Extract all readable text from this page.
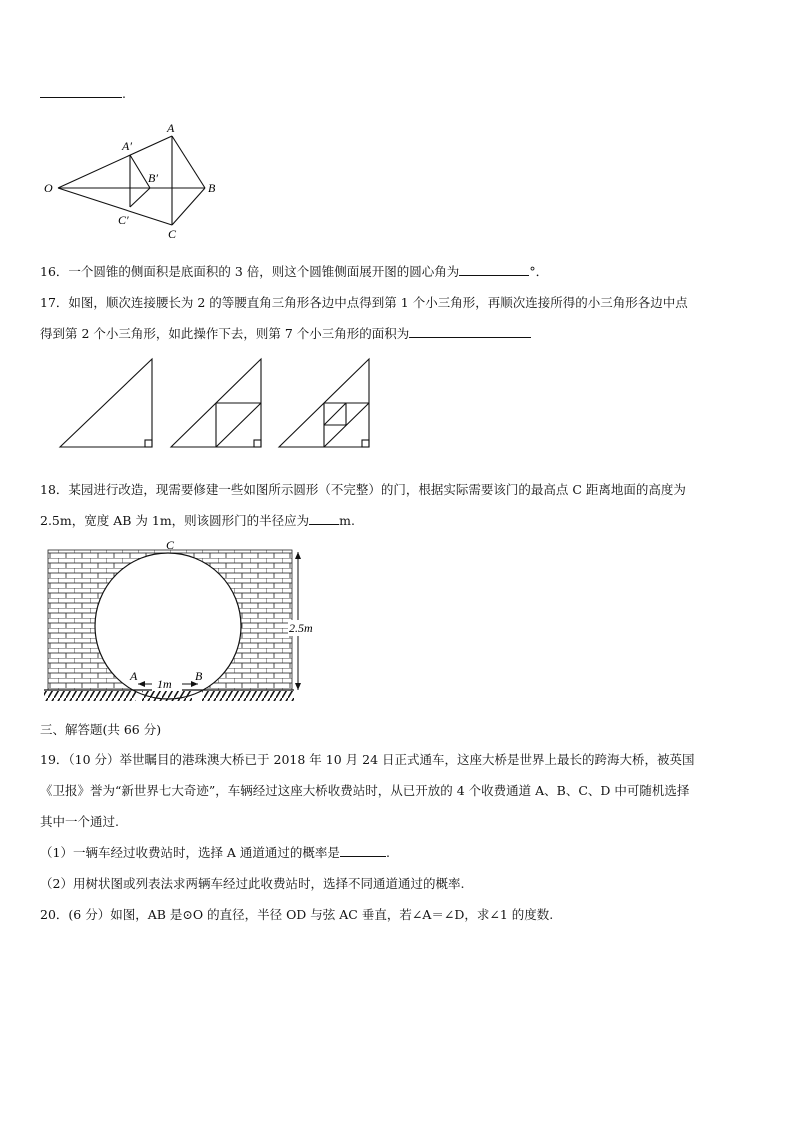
.
A
A′
B′
B
O
C′
C
16．一个圆锥的侧面积是底面积的 3 倍，则这个圆锥侧面展开图的圆心角为	°．
17．如图，顺次连接腰长为 2 的等腰直角三角形各边中点得到第 1 个小三角形，再顺次连接所得的小三角形各边中点
得到第 2 个小三角形，如此操作下去，则第 7 个小三角形的面积为
18．某园进行改造，现需要修建一些如图所示圆形（不完整）的门，根据实际需要该门的最高点 C 距离地面的高度为
2.5m，宽度 AB 为 1m，则该圆形门的半径应为 m.
C
A	B
1m
2.5m
三、解答题(共 66 分)
19．（10 分）举世瞩目的港珠澳大桥已于 2018 年 10 月 24 日正式通车，这座大桥是世界上最长的跨海大桥，被英国
《卫报》誉为“新世界七大奇迹”，车辆经过这座大桥收费站时，从已开放的 4 个收费通道 A、B、C、D 中可随机选择
其中一个通过.
（1）一辆车经过收费站时，选择 A 通道通过的概率是	.
（2）用树状图或列表法求两辆车经过此收费站时，选择不同通道通过的概率.
20．(6 分）如图，AB 是⊙O 的直径，半径 OD 与弦 AC 垂直，若∠A＝∠D，求∠1 的度数.
